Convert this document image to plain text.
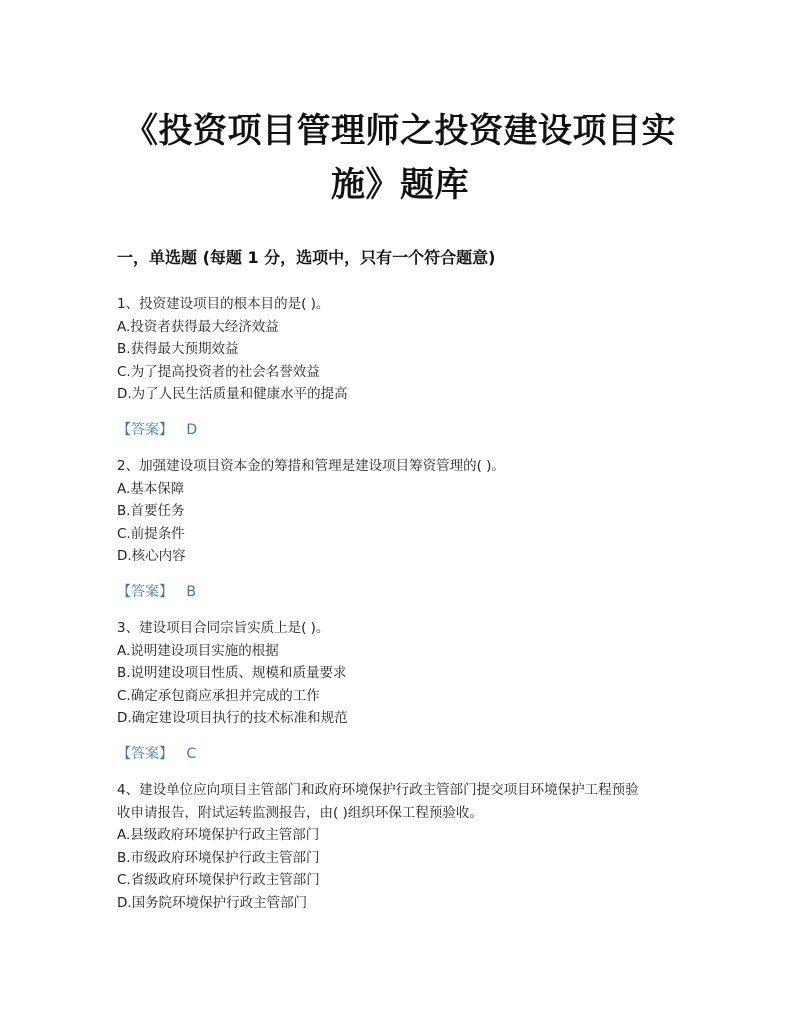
《投资项目管理师之投资建设项目实
施》题库
一，单选题 (每题 1 分，选项中，只有一个符合题意)
1、投资建设项目的根本目的是( )。
A.投资者获得最大经济效益
B.获得最大预期效益
C.为了提高投资者的社会名誉效益
D.为了人民生活质量和健康水平的提高
【答案】 D
2、加强建设项目资本金的筹措和管理是建设项目筹资管理的( )。
A.基本保障
B.首要任务
C.前提条件
D.核心内容
【答案】 B
3、建设项目合同宗旨实质上是( )。
A.说明建设项目实施的根据
B.说明建设项目性质、规模和质量要求
C.确定承包商应承担并完成的工作
D.确定建设项目执行的技术标准和规范
【答案】 C
4、建设单位应向项目主管部门和政府环境保护行政主管部门提交项目环境保护工程预验
收申请报告，附试运转监测报告，由( )组织环保工程预验收。
A.县级政府环境保护行政主管部门
B.市级政府环境保护行政主管部门
C.省级政府环境保护行政主管部门
D.国务院环境保护行政主管部门
